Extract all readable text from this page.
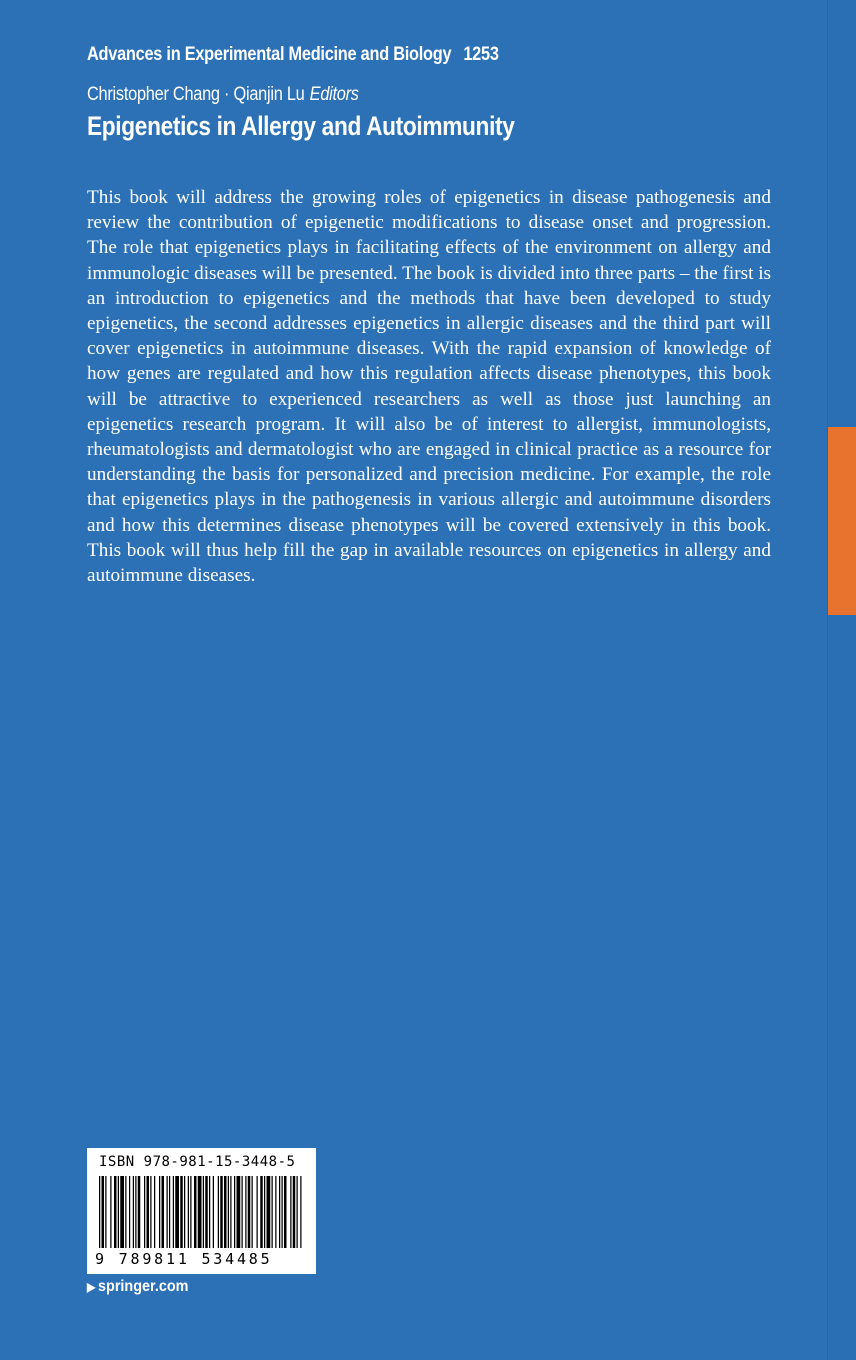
Advances in Experimental Medicine and Biology 1253
Christopher Chang · Qianjin Lu Editors
Epigenetics in Allergy and Autoimmunity

This book will address the growing roles of epigenetics in disease pathogenesis and review the contribution of epigenetic modifications to disease onset and progression. The role that epigenetics plays in facilitating effects of the environment on allergy and immunologic diseases will be presented. The book is divided into three parts – the first is an introduction to epigenetics and the methods that have been developed to study epigenetics, the second addresses epigenetics in allergic diseases and the third part will cover epigenetics in autoimmune diseases. With the rapid expansion of knowledge of how genes are regulated and how this regulation affects disease phenotypes, this book will be attractive to experienced researchers as well as those just launching an epigenetics research program. It will also be of interest to allergist, immunologists, rheumatologists and dermatologist who are engaged in clinical practice as a resource for understanding the basis for personalized and precision medicine. For example, the role that epigenetics plays in the pathogenesis in various allergic and autoimmune disorders and how this determines disease phenotypes will be covered extensively in this book. This book will thus help fill the gap in available resources on epigenetics in allergy and autoimmune diseases.

ISBN 978-981-15-3448-5
9 789811 534485
▶ springer.com
